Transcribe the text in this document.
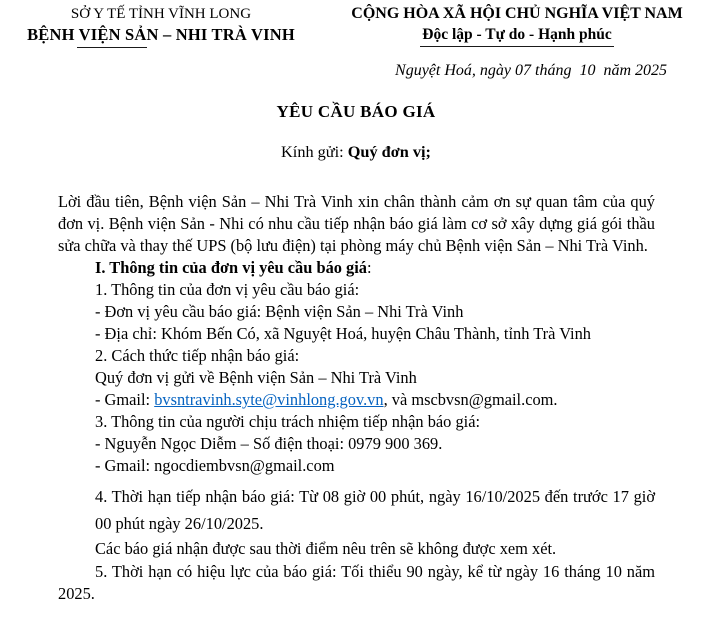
SỞ Y TẾ TỈNH VĨNH LONG
BỆNH VIỆN SẢN – NHI TRÀ VINH
CỘNG HÒA XÃ HỘI CHỦ NGHĨA VIỆT NAM
Độc lập - Tự do - Hạnh phúc
Nguyệt Hoá, ngày 07 tháng  10  năm 2025
YÊU CẦU BÁO GIÁ
Kính gửi: Quý đơn vị;
Lời đầu tiên, Bệnh viện Sản – Nhi Trà Vinh xin chân thành cảm ơn sự quan tâm của quý đơn vị. Bệnh viện Sản - Nhi có nhu cầu tiếp nhận báo giá làm cơ sở xây dựng giá gói thầu sửa chữa và thay thế UPS (bộ lưu điện) tại phòng máy chủ Bệnh viện Sản – Nhi Trà Vinh.
I. Thông tin của đơn vị yêu cầu báo giá:
1. Thông tin của đơn vị yêu cầu báo giá:
- Đơn vị yêu cầu báo giá: Bệnh viện Sản – Nhi Trà Vinh
- Địa chỉ: Khóm Bến Có, xã Nguyệt Hoá, huyện Châu Thành, tỉnh Trà Vinh
2. Cách thức tiếp nhận báo giá:
Quý đơn vị gửi về Bệnh viện Sản – Nhi Trà Vinh
- Gmail: bvsntravinh.syte@vinhlong.gov.vn, và mscbvsn@gmail.com.
3. Thông tin của người chịu trách nhiệm tiếp nhận báo giá:
- Nguyễn Ngọc Diễm – Số điện thoại: 0979 900 369.
- Gmail: ngocdiembvsn@gmail.com
4. Thời hạn tiếp nhận báo giá: Từ 08 giờ 00 phút, ngày 16/10/2025 đến trước 17 giờ 00 phút ngày 26/10/2025.
Các báo giá nhận được sau thời điểm nêu trên sẽ không được xem xét.
5. Thời hạn có hiệu lực của báo giá: Tối thiểu 90 ngày, kể từ ngày 16 tháng 10 năm 2025.
